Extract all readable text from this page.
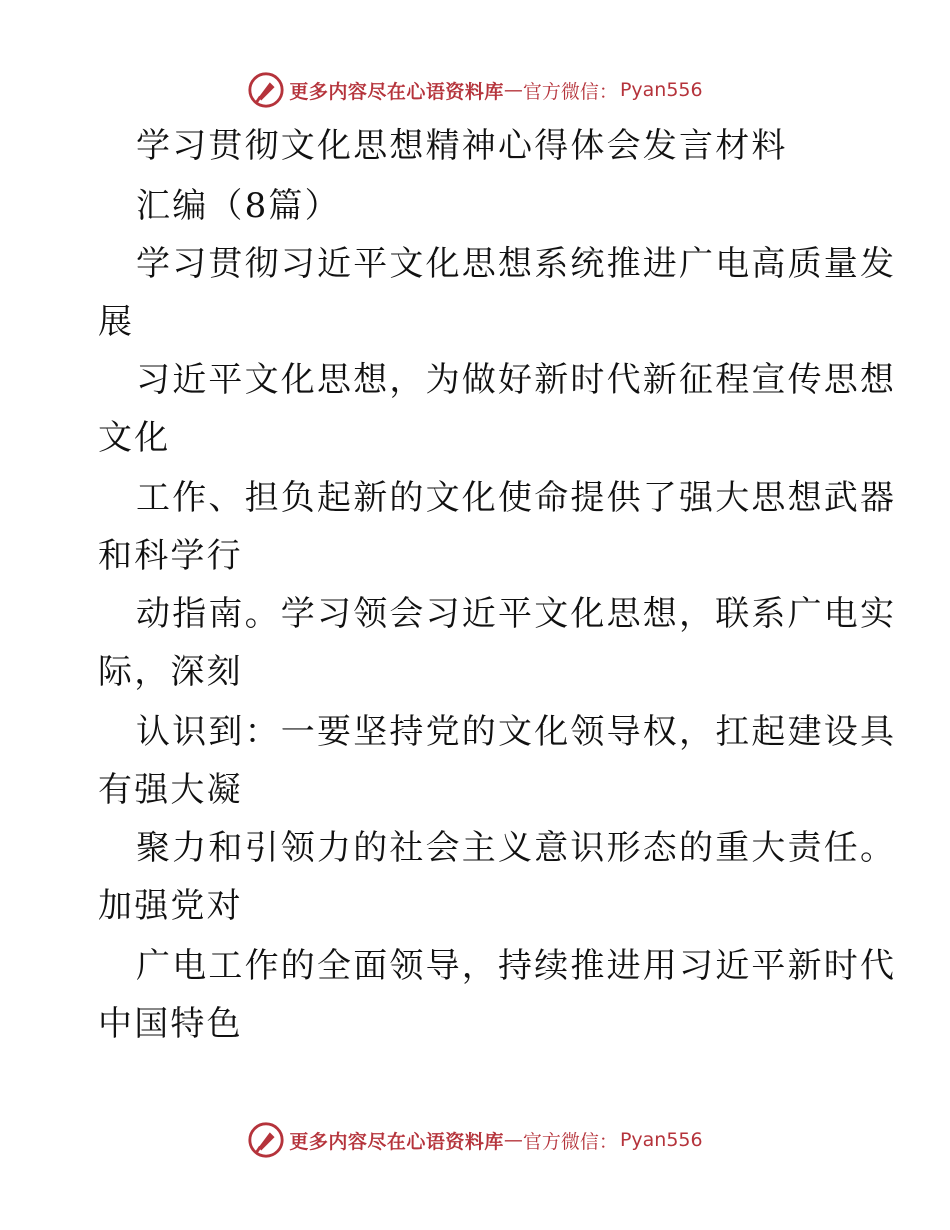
更多内容尽在心语资料库 — 官方微信： Pyan556
学习贯彻文化思想精神心得体会发言材料
汇编（8篇）
学习贯彻习近平文化思想系统推进广电高质量发
展
习近平文化思想，为做好新时代新征程宣传思想
文化
工作、担负起新的文化使命提供了强大思想武器
和科学行
动指南。学习领会习近平文化思想，联系广电实
际，深刻
认识到：一要坚持党的文化领导权，扛起建设具
有强大凝
聚力和引领力的社会主义意识形态的重大责任。
加强党对
广电工作的全面领导，持续推进用习近平新时代
中国特色
更多内容尽在心语资料库 — 官方微信： Pyan556
